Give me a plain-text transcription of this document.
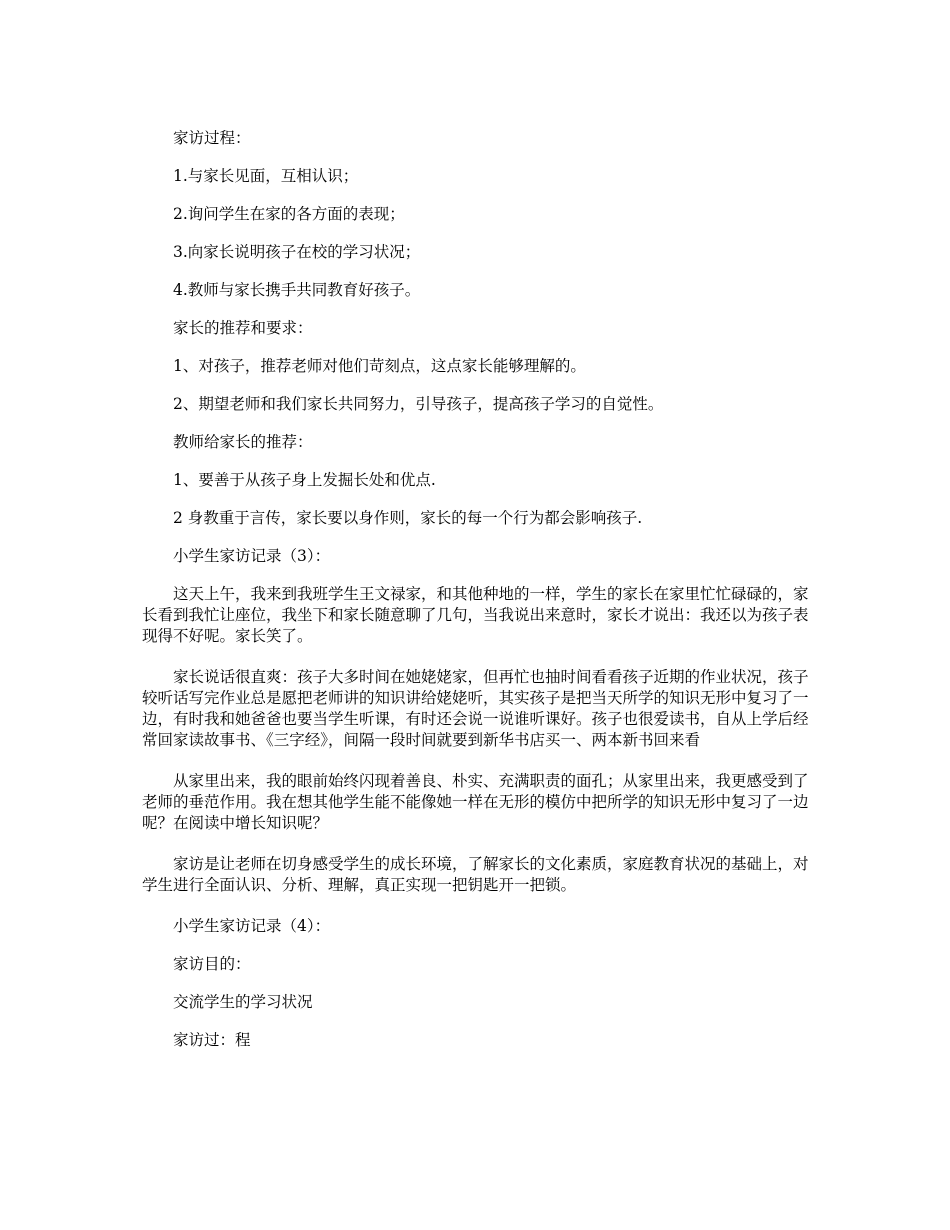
家访过程：

1.与家长见面，互相认识；

2.询问学生在家的各方面的表现；

3.向家长说明孩子在校的学习状况；

4.教师与家长携手共同教育好孩子。

家长的推荐和要求：

1、对孩子，推荐老师对他们苛刻点，这点家长能够理解的。

2、期望老师和我们家长共同努力，引导孩子，提高孩子学习的自觉性。

教师给家长的推荐：

1、要善于从孩子身上发掘长处和优点.

2 身教重于言传，家长要以身作则，家长的每一个行为都会影响孩子.

小学生家访记录（3）：

这天上午，我来到我班学生王文禄家，和其他种地的一样，学生的家长在家里忙忙碌碌的，家长看到我忙让座位，我坐下和家长随意聊了几句，当我说出来意时，家长才说出：我还以为孩子表现得不好呢。家长笑了。

家长说话很直爽：孩子大多时间在她姥姥家，但再忙也抽时间看看孩子近期的作业状况，孩子较听话写完作业总是愿把老师讲的知识讲给姥姥听，其实孩子是把当天所学的知识无形中复习了一边，有时我和她爸爸也要当学生听课，有时还会说一说谁听课好。孩子也很爱读书，自从上学后经常回家读故事书、《三字经》，间隔一段时间就要到新华书店买一、两本新书回来看

从家里出来，我的眼前始终闪现着善良、朴实、充满职责的面孔；从家里出来，我更感受到了老师的垂范作用。我在想其他学生能不能像她一样在无形的模仿中把所学的知识无形中复习了一边呢？在阅读中增长知识呢？

家访是让老师在切身感受学生的成长环境，了解家长的文化素质，家庭教育状况的基础上，对学生进行全面认识、分析、理解，真正实现一把钥匙开一把锁。

小学生家访记录（4）：

家访目的：

交流学生的学习状况

家访过：程
